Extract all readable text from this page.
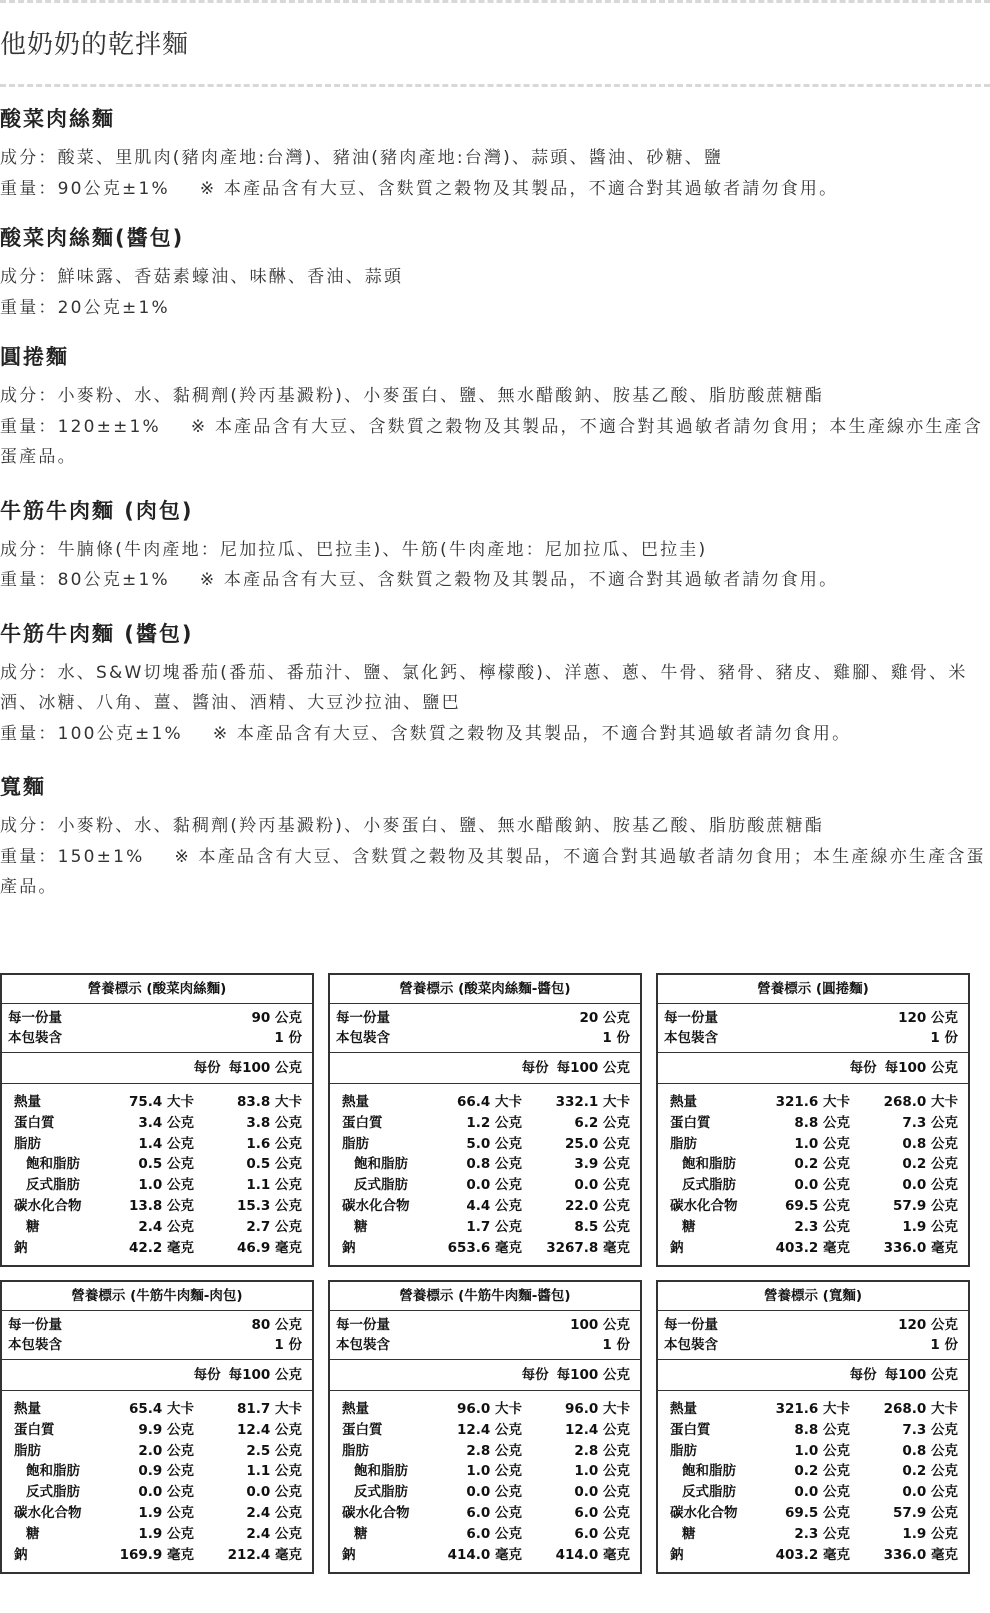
他奶奶的乾拌麵
酸菜肉絲麵

成分：酸菜、里肌肉(豬肉產地:台灣)、豬油(豬肉產地:台灣)、蒜頭、醬油、砂糖、鹽

重量：90公克±1% ※ 本產品含有大豆、含麩質之穀物及其製品，不適合對其過敏者請勿食用。

酸菜肉絲麵(醬包)

成分：鮮味露、香菇素蠔油、味醂、香油、蒜頭

重量：20公克±1%

圓捲麵

成分：小麥粉、水、黏稠劑(羚丙基澱粉)、小麥蛋白、鹽、無水醋酸鈉、胺基乙酸、脂肪酸蔗糖酯

重量：120±±1% ※ 本產品含有大豆、含麩質之穀物及其製品，不適合對其過敏者請勿食用；本生產線亦生產含蛋產品。

牛筋牛肉麵 (肉包)

成分：牛腩條(牛肉產地：尼加拉瓜、巴拉圭)、牛筋(牛肉產地：尼加拉瓜、巴拉圭)

重量：80公克±1% ※ 本產品含有大豆、含麩質之穀物及其製品，不適合對其過敏者請勿食用。

牛筋牛肉麵 (醬包)

成分：水、S&W切塊番茄(番茄、番茄汁、鹽、氯化鈣、檸檬酸)、洋蔥、蔥、牛骨、豬骨、豬皮、雞腳、雞骨、米酒、冰糖、八角、薑、醬油、酒精、大豆沙拉油、鹽巴

重量：100公克±1% ※ 本產品含有大豆、含麩質之穀物及其製品，不適合對其過敏者請勿食用。

寬麵

成分：小麥粉、水、黏稠劑(羚丙基澱粉)、小麥蛋白、鹽、無水醋酸鈉、胺基乙酸、脂肪酸蔗糖酯

重量：150±1% ※ 本產品含有大豆、含麩質之穀物及其製品，不適合對其過敏者請勿食用；本生產線亦生產含蛋產品。

營養標示 (酸菜肉絲麵)
每一份量	90 公克
本包裝含	1 份
每份 每100 公克
熱量	75.4 大卡	83.8 大卡
蛋白質	3.4 公克	3.8 公克
脂肪	1.4 公克	1.6 公克
飽和脂肪	0.5 公克	0.5 公克
反式脂肪	1.0 公克	1.1 公克
碳水化合物	13.8 公克	15.3 公克
糖	2.4 公克	2.7 公克
鈉	42.2 毫克	46.9 毫克
營養標示 (酸菜肉絲麵-醬包)
每一份量	20 公克
本包裝含	1 份
每份 每100 公克
熱量	66.4 大卡	332.1 大卡
蛋白質	1.2 公克	6.2 公克
脂肪	5.0 公克	25.0 公克
飽和脂肪	0.8 公克	3.9 公克
反式脂肪	0.0 公克	0.0 公克
碳水化合物	4.4 公克	22.0 公克
糖	1.7 公克	8.5 公克
鈉	653.6 毫克	3267.8 毫克
營養標示 (圓捲麵)
每一份量	120 公克
本包裝含	1 份
每份 每100 公克
熱量	321.6 大卡	268.0 大卡
蛋白質	8.8 公克	7.3 公克
脂肪	1.0 公克	0.8 公克
飽和脂肪	0.2 公克	0.2 公克
反式脂肪	0.0 公克	0.0 公克
碳水化合物	69.5 公克	57.9 公克
糖	2.3 公克	1.9 公克
鈉	403.2 毫克	336.0 毫克
營養標示 (牛筋牛肉麵-肉包)
每一份量	80 公克
本包裝含	1 份
每份 每100 公克
熱量	65.4 大卡	81.7 大卡
蛋白質	9.9 公克	12.4 公克
脂肪	2.0 公克	2.5 公克
飽和脂肪	0.9 公克	1.1 公克
反式脂肪	0.0 公克	0.0 公克
碳水化合物	1.9 公克	2.4 公克
糖	1.9 公克	2.4 公克
鈉	169.9 毫克	212.4 毫克
營養標示 (牛筋牛肉麵-醬包)
每一份量	100 公克
本包裝含	1 份
每份 每100 公克
熱量	96.0 大卡	96.0 大卡
蛋白質	12.4 公克	12.4 公克
脂肪	2.8 公克	2.8 公克
飽和脂肪	1.0 公克	1.0 公克
反式脂肪	0.0 公克	0.0 公克
碳水化合物	6.0 公克	6.0 公克
糖	6.0 公克	6.0 公克
鈉	414.0 毫克	414.0 毫克
營養標示 (寬麵)
每一份量	120 公克
本包裝含	1 份
每份 每100 公克
熱量	321.6 大卡	268.0 大卡
蛋白質	8.8 公克	7.3 公克
脂肪	1.0 公克	0.8 公克
飽和脂肪	0.2 公克	0.2 公克
反式脂肪	0.0 公克	0.0 公克
碳水化合物	69.5 公克	57.9 公克
糖	2.3 公克	1.9 公克
鈉	403.2 毫克	336.0 毫克
